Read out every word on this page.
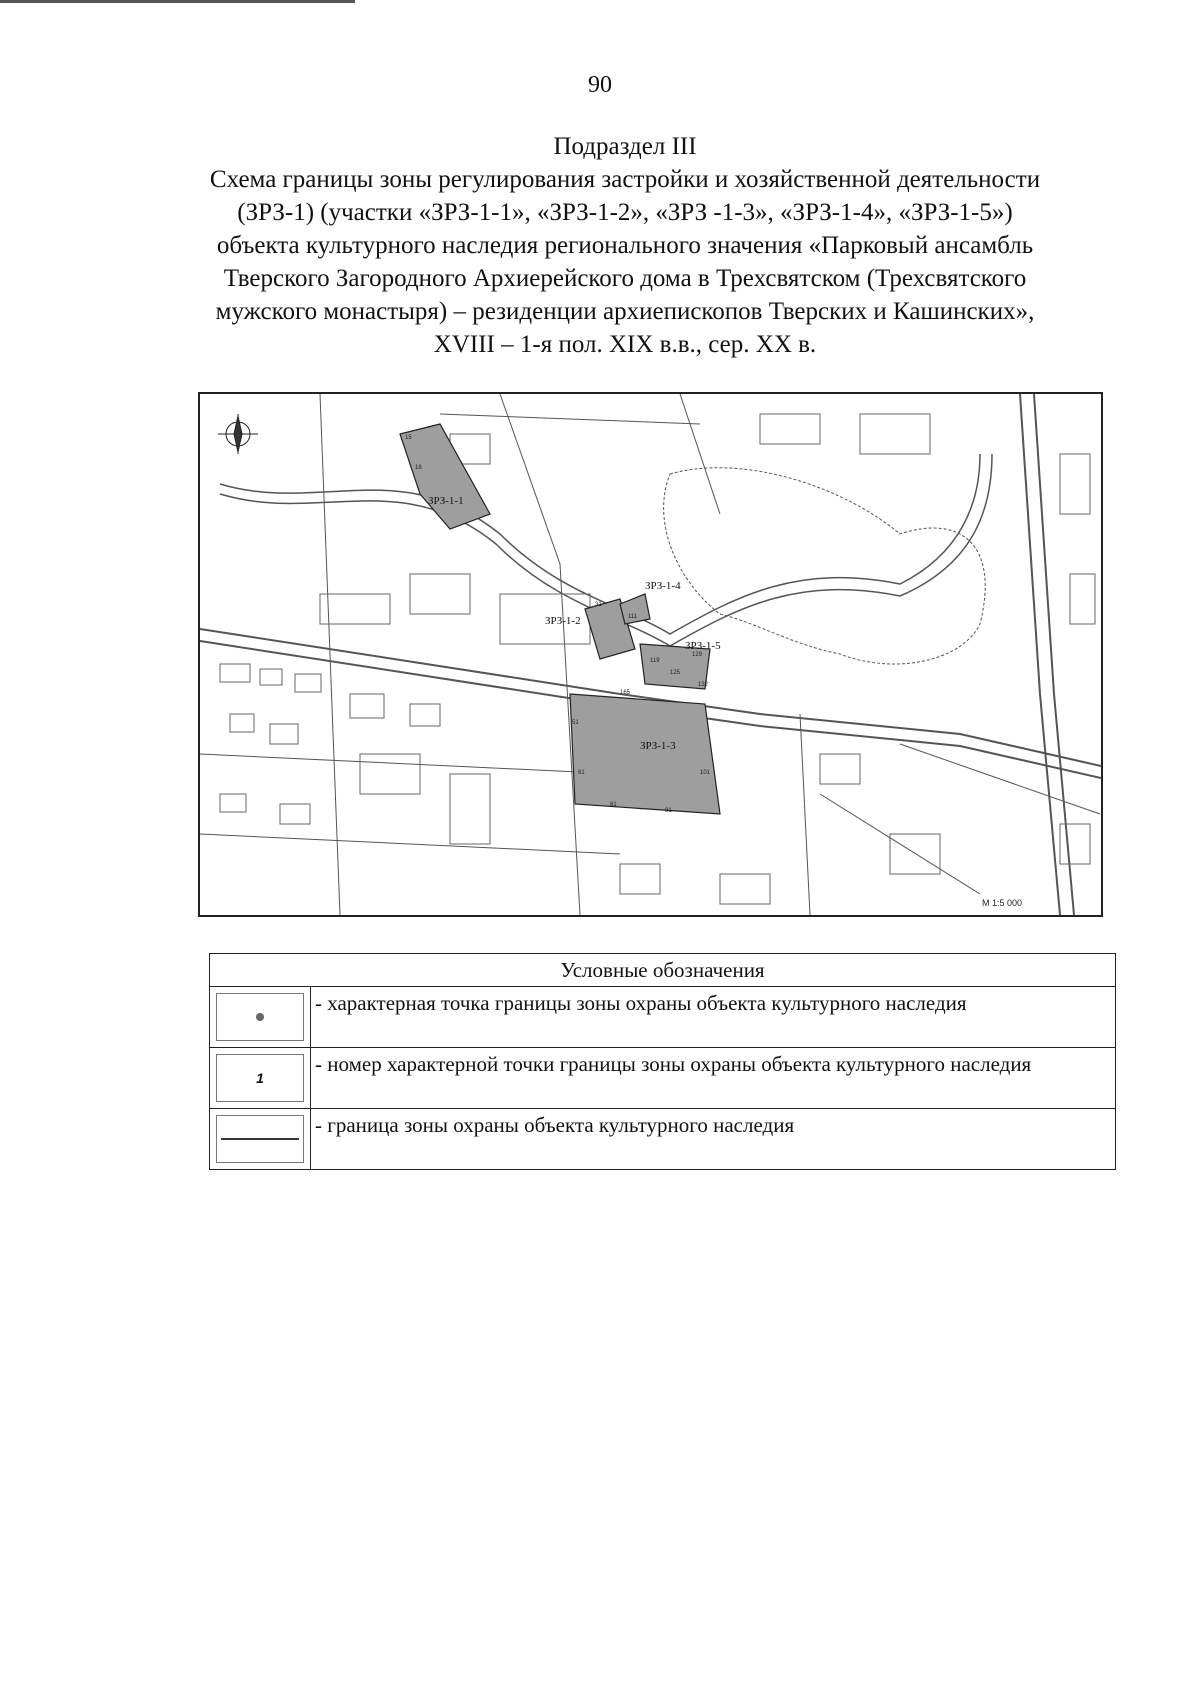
90
Подраздел III
Схема границы зоны регулирования застройки и хозяйственной деятельности
(ЗРЗ-1) (участки «ЗРЗ-1-1», «ЗРЗ-1-2», «ЗРЗ -1-3», «ЗРЗ-1-4», «ЗРЗ-1-5»)
объекта культурного наследия регионального значения «Парковый ансамбль
Тверского Загородного Архиерейского дома в Трехсвятском (Трехсвятского
мужского монастыря) – резиденции архиепископов Тверских и Кашинских»,
XVIII – 1-я пол. XIX в.в., сер. XX в.
ЗРЗ-1-1
ЗРЗ-1-2
ЗРЗ-1-3
ЗРЗ-1-4
ЗРЗ-1-5
15
18
31
51
61
81
91
101
111
119
125
129
132
165
М 1:5 000
Условные обозначения	

	- характерная точка границы зоны охраны объекта культурного наследия

1	- номер характерной точки границы зоны охраны объекта культурного наследия

	- граница зоны охраны объекта культурного наследия
